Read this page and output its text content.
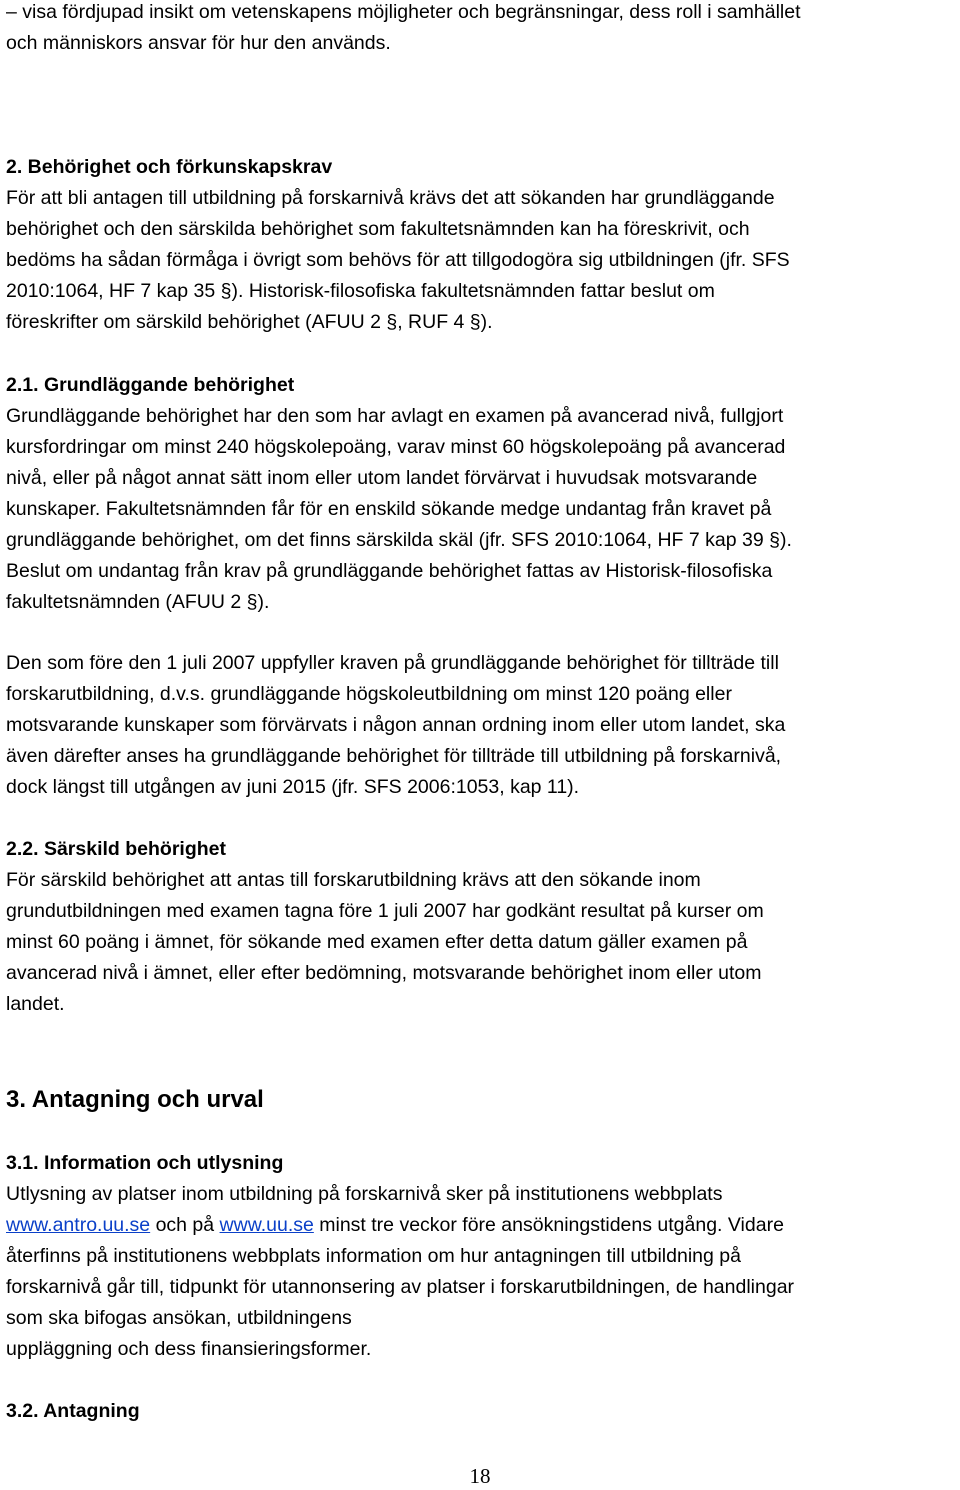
– visa fördjupad insikt om vetenskapens möjligheter och begränsningar, dess roll i samhället
och människors ansvar för hur den används.
2. Behörighet och förkunskapskrav
För att bli antagen till utbildning på forskarnivå krävs det att sökanden har grundläggande
behörighet och den särskilda behörighet som fakultetsnämnden kan ha föreskrivit, och
bedöms ha sådan förmåga i övrigt som behövs för att tillgodogöra sig utbildningen (jfr. SFS
2010:1064, HF 7 kap 35 §). Historisk-filosofiska fakultetsnämnden fattar beslut om
föreskrifter om särskild behörighet (AFUU 2 §, RUF 4 §).
2.1. Grundläggande behörighet
Grundläggande behörighet har den som har avlagt en examen på avancerad nivå, fullgjort
kursfordringar om minst 240 högskolepoäng, varav minst 60 högskolepoäng på avancerad
nivå, eller på något annat sätt inom eller utom landet förvärvat i huvudsak motsvarande
kunskaper. Fakultetsnämnden får för en enskild sökande medge undantag från kravet på
grundläggande behörighet, om det finns särskilda skäl (jfr. SFS 2010:1064, HF 7 kap 39 §).
Beslut om undantag från krav på grundläggande behörighet fattas av Historisk-filosofiska
fakultetsnämnden (AFUU 2 §).
Den som före den 1 juli 2007 uppfyller kraven på grundläggande behörighet för tillträde till
forskarutbildning, d.v.s. grundläggande högskoleutbildning om minst 120 poäng eller
motsvarande kunskaper som förvärvats i någon annan ordning inom eller utom landet, ska
även därefter anses ha grundläggande behörighet för tillträde till utbildning på forskarnivå,
dock längst till utgången av juni 2015 (jfr. SFS 2006:1053, kap 11).
2.2. Särskild behörighet
För särskild behörighet att antas till forskarutbildning krävs att den sökande inom
grundutbildningen med examen tagna före 1 juli 2007 har godkänt resultat på kurser om
minst 60 poäng i ämnet, för sökande med examen efter detta datum gäller examen på
avancerad nivå i ämnet, eller efter bedömning, motsvarande behörighet inom eller utom
landet.
3. Antagning och urval
3.1. Information och utlysning
Utlysning av platser inom utbildning på forskarnivå sker på institutionens webbplats
www.antro.uu.se och på www.uu.se minst tre veckor före ansökningstidens utgång. Vidare
återfinns på institutionens webbplats information om hur antagningen till utbildning på
forskarnivå går till, tidpunkt för utannonsering av platser i forskarutbildningen, de handlingar
som ska bifogas ansökan, utbildningens
uppläggning och dess finansieringsformer.
3.2. Antagning
18
